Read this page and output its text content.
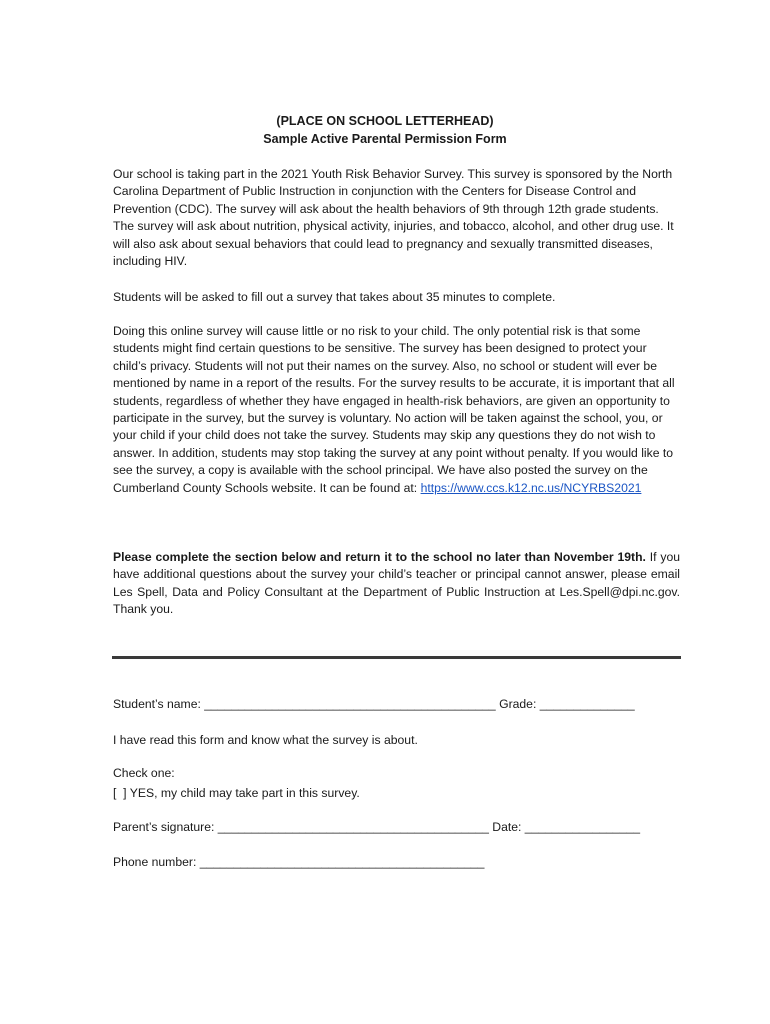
(PLACE ON SCHOOL LETTERHEAD)
Sample Active Parental Permission Form

Our school is taking part in the 2021 Youth Risk Behavior Survey. This survey is sponsored by the North Carolina Department of Public Instruction in conjunction with the Centers for Disease Control and Prevention (CDC). The survey will ask about the health behaviors of 9th through 12th grade students. The survey will ask about nutrition, physical activity, injuries, and tobacco, alcohol, and other drug use. It will also ask about sexual behaviors that could lead to pregnancy and sexually transmitted diseases, including HIV.

Students will be asked to fill out a survey that takes about 35 minutes to complete.

Doing this online survey will cause little or no risk to your child. The only potential risk is that some students might find certain questions to be sensitive. The survey has been designed to protect your child’s privacy. Students will not put their names on the survey. Also, no school or student will ever be mentioned by name in a report of the results. For the survey results to be accurate, it is important that all students, regardless of whether they have engaged in health-risk behaviors, are given an opportunity to participate in the survey, but the survey is voluntary. No action will be taken against the school, you, or your child if your child does not take the survey. Students may skip any questions they do not wish to answer. In addition, students may stop taking the survey at any point without penalty. If you would like to see the survey, a copy is available with the school principal. We have also posted the survey on the Cumberland County Schools website. It can be found at: https://www.ccs.k12.nc.us/NCYRBS2021

Please complete the section below and return it to the school no later than November 19th. If you have additional questions about the survey your child’s teacher or principal cannot answer, please email Les Spell, Data and Policy Consultant at the Department of Public Instruction at Les.Spell@dpi.nc.gov. Thank you.

Student’s name: ___________________________________________ Grade: ______________
I have read this form and know what the survey is about.
Check one:
[  ] YES, my child may take part in this survey.
Parent’s signature: ________________________________________ Date: _________________
Phone number: __________________________________________
